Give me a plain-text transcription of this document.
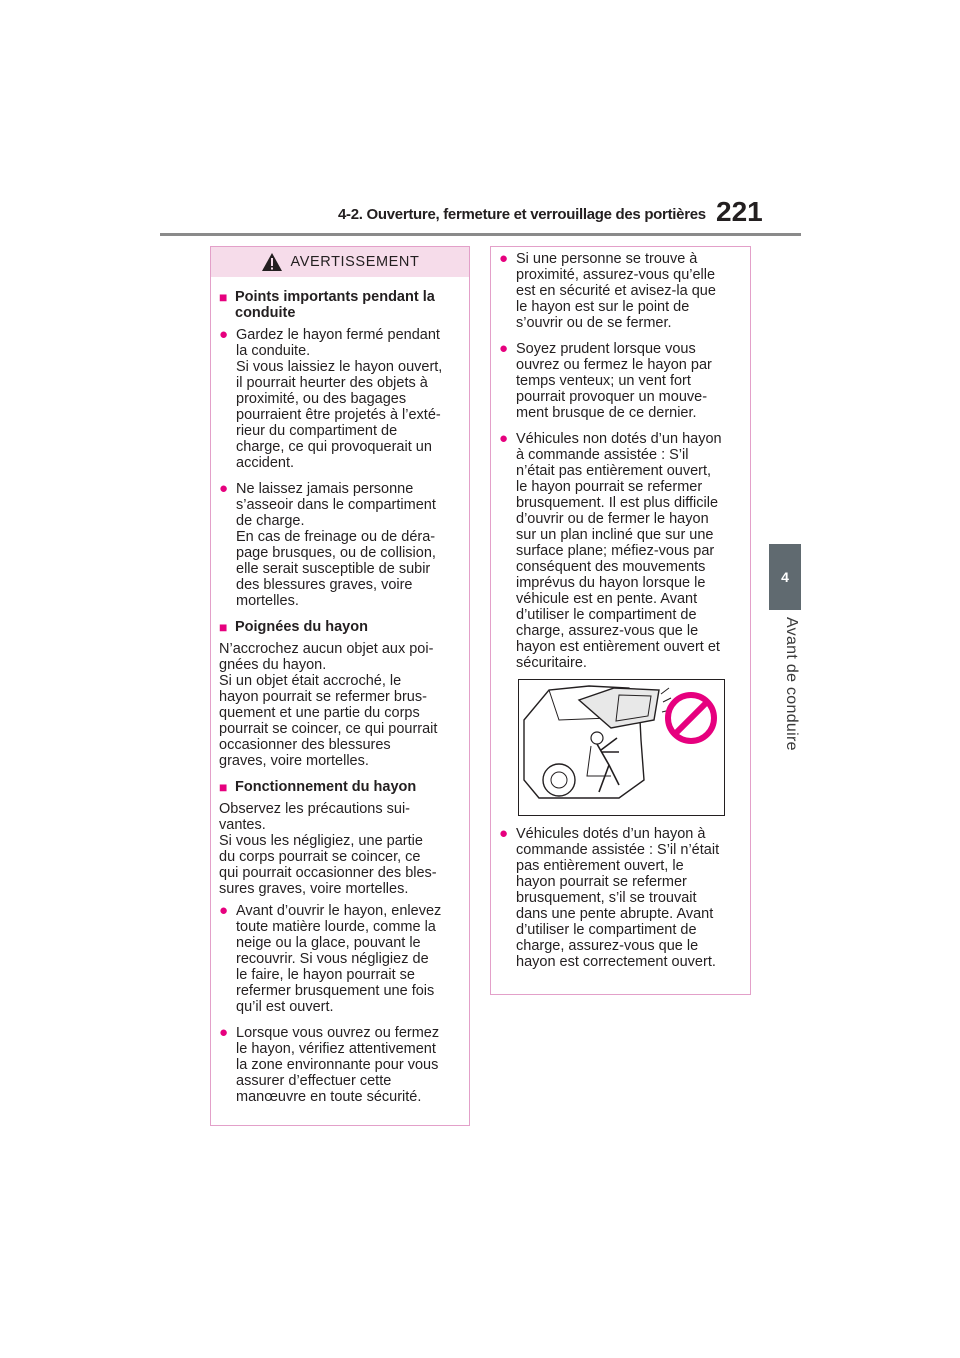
4-2. Ouverture, fermeture et verrouillage des portières 221
4
Avant de conduire
AVERTISSEMENT
■ Points importants pendant la conduite
● Gardez le hayon fermé pendant
la conduite.
Si vous laissiez le hayon ouvert,
il pourrait heurter des objets à
proximité, ou des bagages
pourraient être projetés à l’exté-
rieur du compartiment de
charge, ce qui provoquerait un
accident.
● Ne laissez jamais personne
s’asseoir dans le compartiment
de charge.
En cas de freinage ou de déra-
page brusques, ou de collision,
elle serait susceptible de subir
des blessures graves, voire
mortelles.
■ Poignées du hayon
N’accrochez aucun objet aux poi-
gnées du hayon.
Si un objet était accroché, le
hayon pourrait se refermer brus-
quement et une partie du corps
pourrait se coincer, ce qui pourrait
occasionner des blessures
graves, voire mortelles.
■ Fonctionnement du hayon
Observez les précautions sui-
vantes.
Si vous les négligiez, une partie
du corps pourrait se coincer, ce
qui pourrait occasionner des bles-
sures graves, voire mortelles.
● Avant d’ouvrir le hayon, enlevez
toute matière lourde, comme la
neige ou la glace, pouvant le
recouvrir. Si vous négligiez de
le faire, le hayon pourrait se
refermer brusquement une fois
qu’il est ouvert.
● Lorsque vous ouvrez ou fermez
le hayon, vérifiez attentivement
la zone environnante pour vous
assurer d’effectuer cette
manœuvre en toute sécurité.
● Si une personne se trouve à
proximité, assurez-vous qu’elle
est en sécurité et avisez-la que
le hayon est sur le point de
s’ouvrir ou de se fermer.
● Soyez prudent lorsque vous
ouvrez ou fermez le hayon par
temps venteux; un vent fort
pourrait provoquer un mouve-
ment brusque de ce dernier.
● Véhicules non dotés d’un hayon
à commande assistée : S’il
n’était pas entièrement ouvert,
le hayon pourrait se refermer
brusquement. Il est plus difficile
d’ouvrir ou de fermer le hayon
sur un plan incliné que sur une
surface plane; méfiez-vous par
conséquent des mouvements
imprévus du hayon lorsque le
véhicule est en pente. Avant
d’utiliser le compartiment de
charge, assurez-vous que le
hayon est entièrement ouvert et
sécuritaire.
● Véhicules dotés d’un hayon à
commande assistée : S’il n’était
pas entièrement ouvert, le
hayon pourrait se refermer
brusquement, s’il se trouvait
dans une pente abrupte. Avant
d’utiliser le compartiment de
charge, assurez-vous que le
hayon est correctement ouvert.
